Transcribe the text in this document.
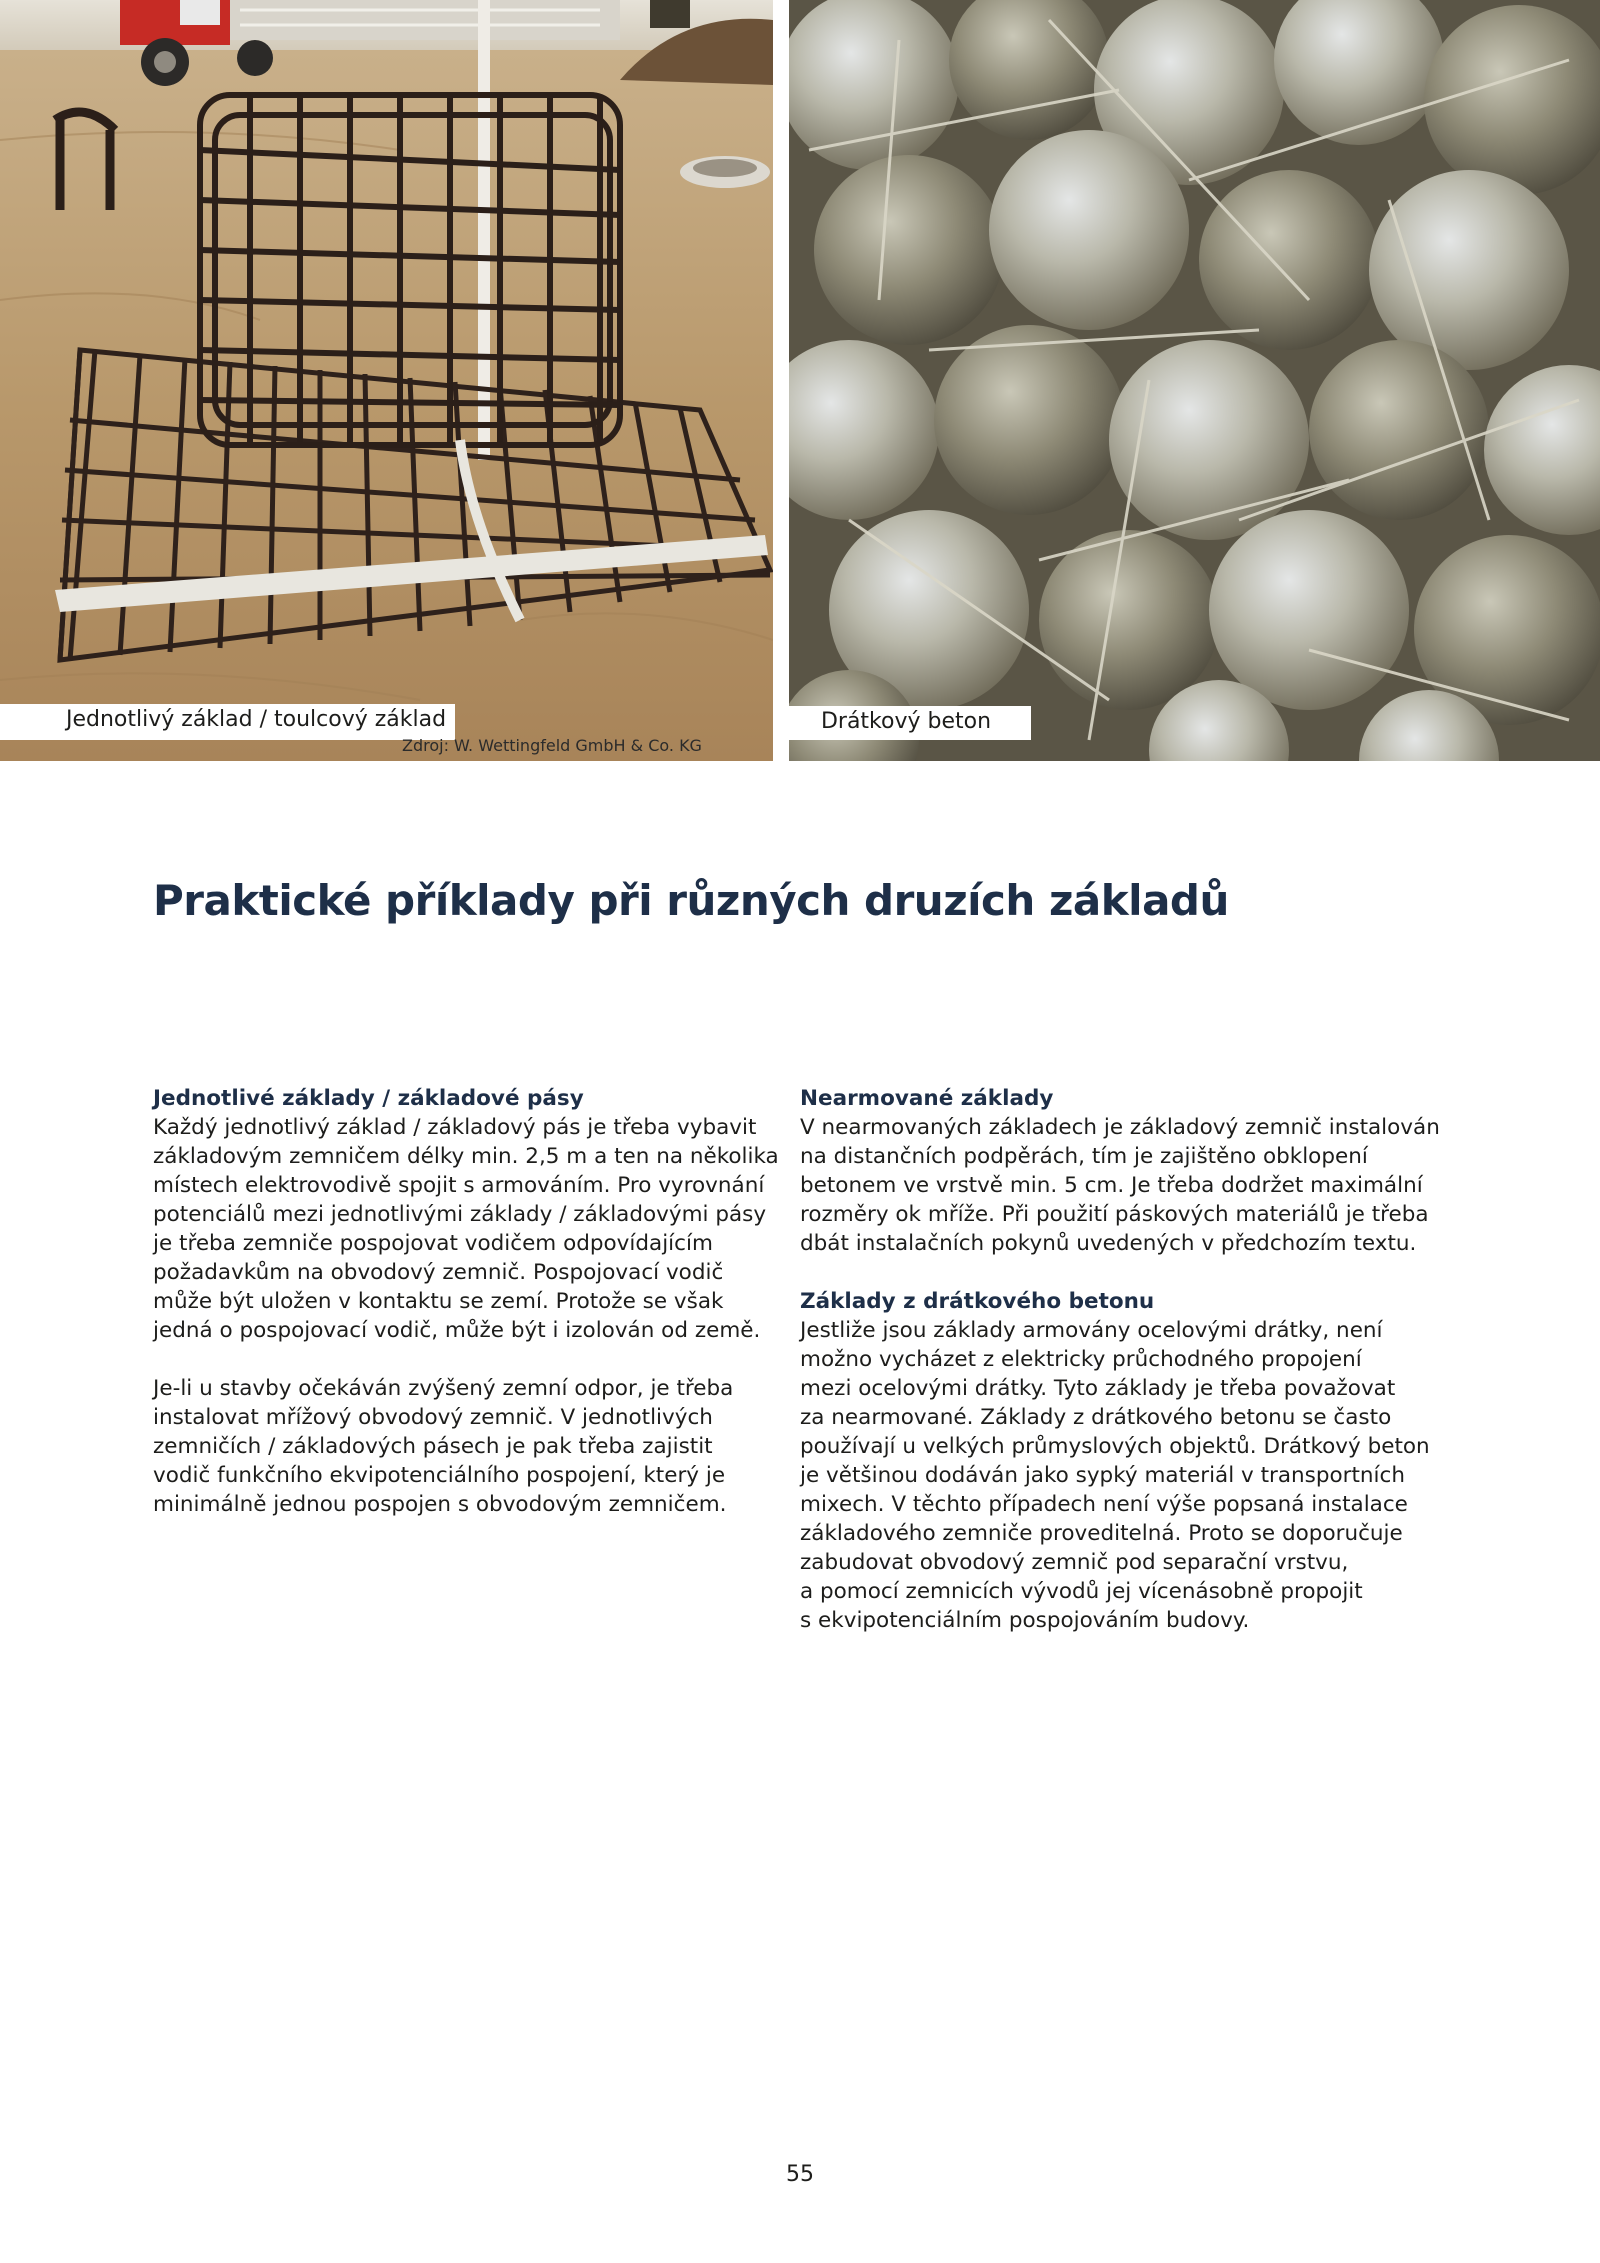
Jednotlivý základ / toulcový základ
Zdroj: W. Wettingfeld GmbH & Co. KG
Drátkový beton
Praktické příklady při různých druzích základů
Jednotlivé základy / základové pásy

Každý jednotlivý základ / základový pás je třeba vybavit
základovým zemničem délky min. 2,5 m a ten na několika
místech elektrovodivě spojit s armováním. Pro vyrovnání
potenciálů mezi jednotlivými základy / základovými pásy
je třeba zemniče pospojovat vodičem odpovídajícím
požadavkům na obvodový zemnič. Pospojovací vodič
může být uložen v kontaktu se zemí. Protože se však
jedná o pospojovací vodič, může být i izolován od země.

Je-li u stavby očekáván zvýšený zemní odpor, je třeba
instalovat mřížový obvodový zemnič. V jednotlivých
zemničích / základových pásech je pak třeba zajistit
vodič funkčního ekvipotenciálního pospojení, který je
minimálně jednou pospojen s obvodovým zemničem.

Nearmované základy

V nearmovaných základech je základový zemnič instalován
na distančních podpěrách, tím je zajištěno obklopení
betonem ve vrstvě min. 5 cm. Je třeba dodržet maximální
rozměry ok mříže. Při použití páskových materiálů je třeba
dbát instalačních pokynů uvedených v předchozím textu.

Základy z drátkového betonu

Jestliže jsou základy armovány ocelovými drátky, není
možno vycházet z elektricky průchodného propojení
mezi ocelovými drátky. Tyto základy je třeba považovat
za nearmované. Základy z drátkového betonu se často
používají u velkých průmyslových objektů. Drátkový beton
je většinou dodáván jako sypký materiál v transportních
mixech. V těchto případech není výše popsaná instalace
základového zemniče proveditelná. Proto se doporučuje
zabudovat obvodový zemnič pod separační vrstvu,
a pomocí zemnicích vývodů jej vícenásobně propojit
s ekvipotenciálním pospojováním budovy.

55
